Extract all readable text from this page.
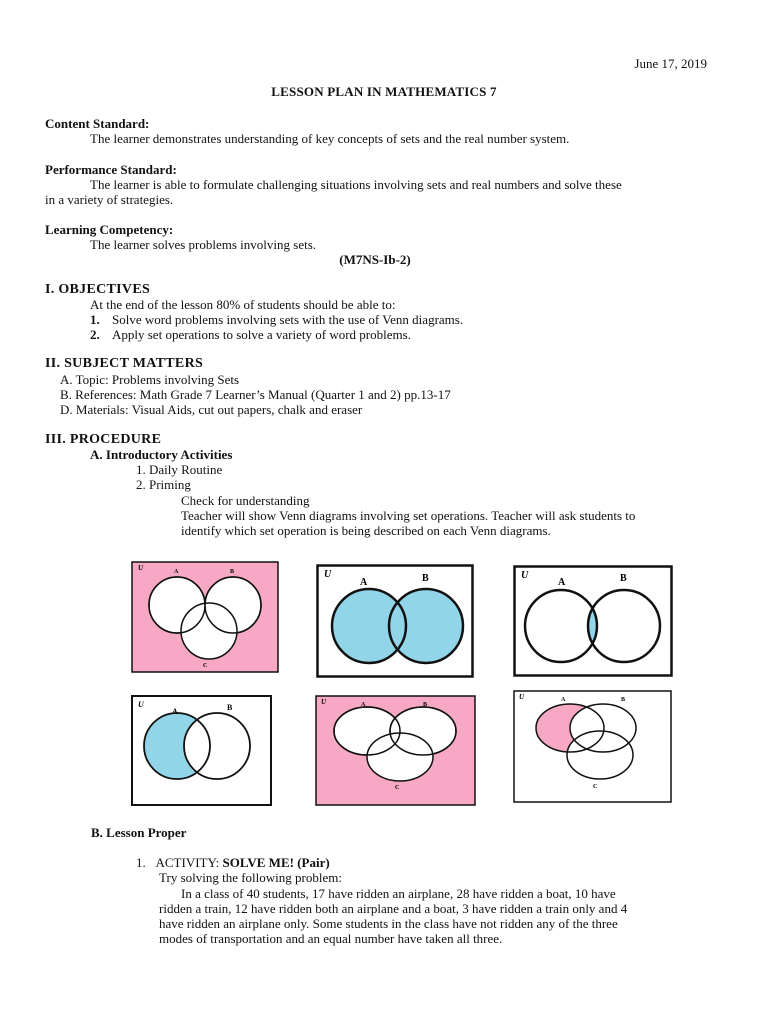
June 17, 2019
LESSON PLAN IN MATHEMATICS 7
Content Standard:
The learner demonstrates understanding of key concepts of sets and the real number system.
Performance Standard:
The learner is able to formulate challenging situations involving sets and real numbers and solve these
in a variety of strategies.
Learning Competency:
The learner solves problems involving sets.
(M7NS-Ib-2)
I. OBJECTIVES
At the end of the lesson 80% of students should be able to:
1. Solve word problems involving sets with the use of Venn diagrams.
2. Apply set operations to solve a variety of word problems.
II. SUBJECT MATTERS
A. Topic: Problems involving Sets
B. References: Math Grade 7 Learner’s Manual (Quarter 1 and 2) pp.13-17
D. Materials: Visual Aids, cut out papers, chalk and eraser
III. PROCEDURE
A. Introductory Activities
1. Daily Routine
2. Priming
Check for understanding
Teacher will show Venn diagrams involving set operations. Teacher will ask students to
identify which set operation is being described on each Venn diagrams.
U	A	B
C
U
A	B	U
A	B
U
A	B
U	A	B
C
U	A	B
C
B. Lesson Proper
1.   ACTIVITY: SOLVE ME! (Pair)
Try solving the following problem:
In a class of 40 students, 17 have ridden an airplane, 28 have ridden a boat, 10 have
ridden a train, 12 have ridden both an airplane and a boat, 3 have ridden a train only and 4
have ridden an airplane only. Some students in the class have not ridden any of the three
modes of transportation and an equal number have taken all three.
